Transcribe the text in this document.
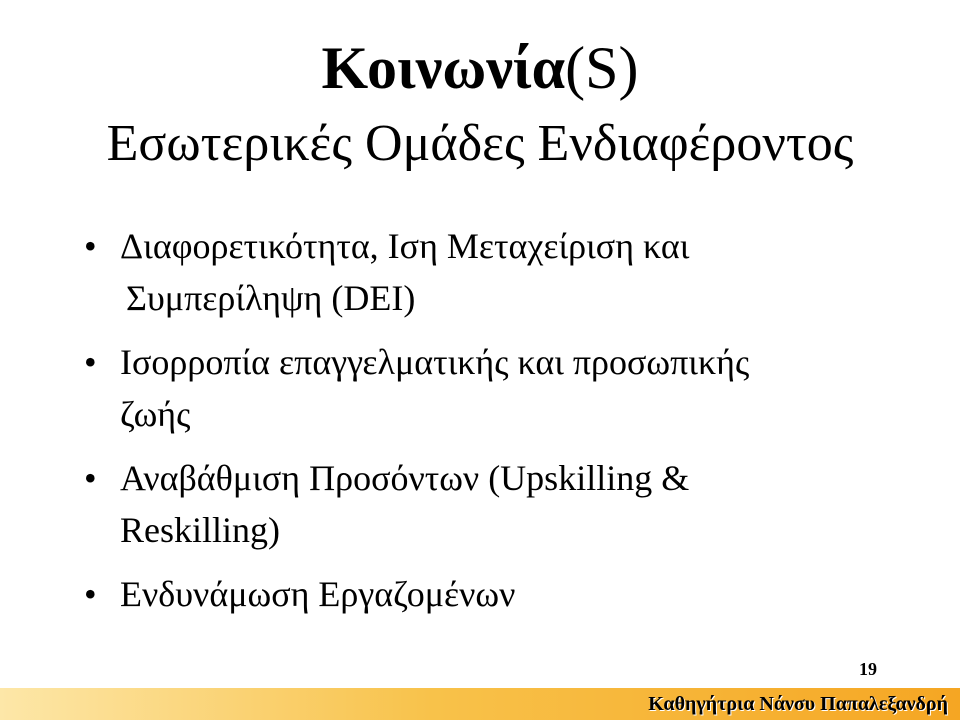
Κοινωνία(S)
Εσωτερικές Ομάδες Ενδιαφέροντος
• Διαφορετικότητα, Ιση Μεταχείριση και
Συμπερίληψη (DEI)
• Ισορροπία επαγγελματικής και προσωπικής
ζωής
• Αναβάθμιση Προσόντων (Upskilling &
Reskilling)
• Ενδυνάμωση Εργαζομένων
19
Καθηγήτρια Νάνσυ Παπαλεξανδρή
